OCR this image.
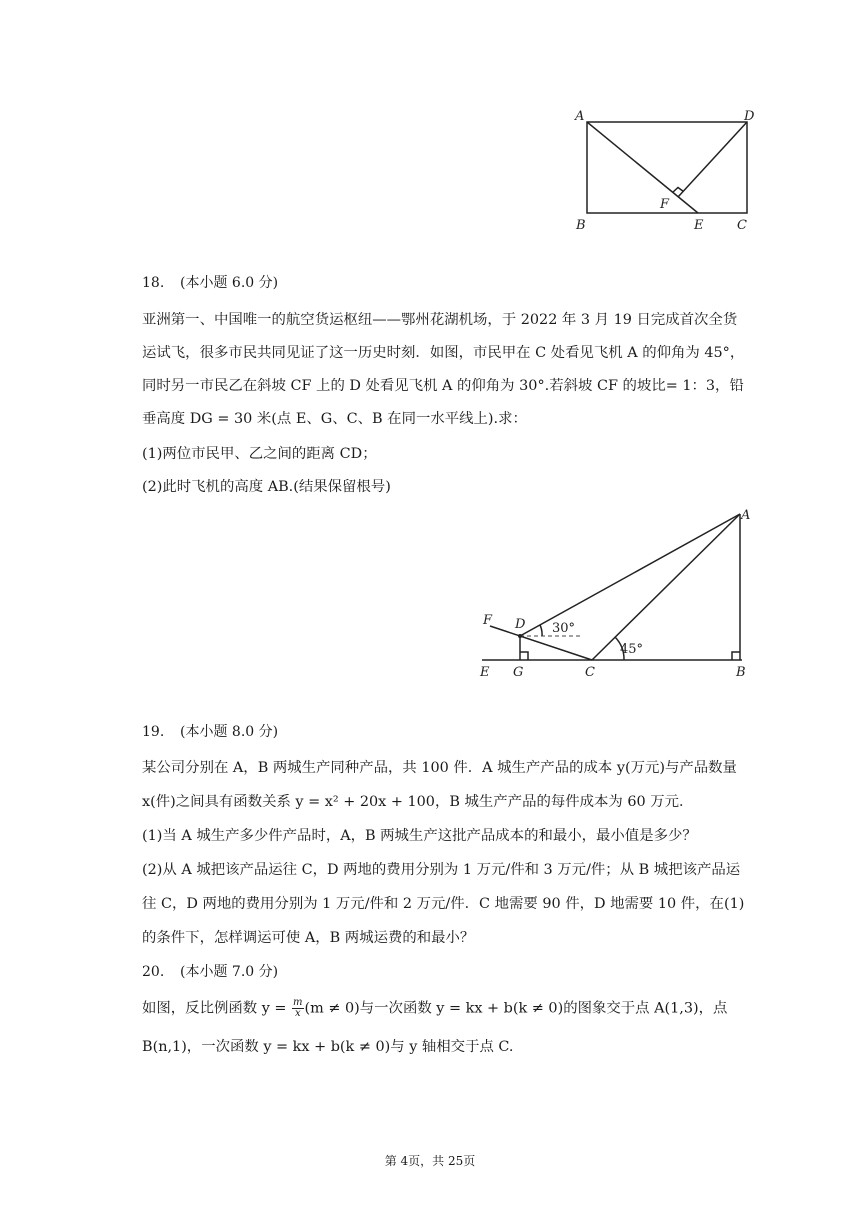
A	D
B	E	C
F
18. (本小题 6.0 分)
亚洲第一、中国唯一的航空货运枢纽——鄂州花湖机场，于 2022 年 3 月 19 日完成首次全货
运试飞，很多市民共同见证了这一历史时刻．如图，市民甲在 C 处看见飞机 A 的仰角为 45°，
同时另一市民乙在斜坡 CF 上的 D 处看见飞机 A 的仰角为 30°.若斜坡 CF 的坡比= 1：3，铅
垂高度 DG = 30 米(点 E、G、C、B 在同一水平线上).求：
(1)两位市民甲、乙之间的距离 CD；
(2)此时飞机的高度 AB.(结果保留根号)
A
F D
E G	C	B
30°
45°
19. (本小题 8.0 分)
某公司分别在 A，B 两城生产同种产品，共 100 件．A 城生产产品的成本 y(万元)与产品数量
x(件)之间具有函数关系 y = x² + 20x + 100，B 城生产产品的每件成本为 60 万元．
(1)当 A 城生产多少件产品时，A，B 两城生产这批产品成本的和最小，最小值是多少？
(2)从 A 城把该产品运往 C，D 两地的费用分别为 1 万元/件和 3 万元/件；从 B 城把该产品运
往 C，D 两地的费用分别为 1 万元/件和 2 万元/件．C 地需要 90 件，D 地需要 10 件，在(1)
的条件下，怎样调运可使 A，B 两城运费的和最小？
20. (本小题 7.0 分)
如图，反比例函数 $y = \frac{m}{x} (m \ne 0)$与一次函数 y = kx + b(k ≠ 0)的图象交于点 A(1,3)，点
B(n,1)，一次函数 y = kx + b(k ≠ 0)与 y 轴相交于点 C.
第 4页，共 25页
